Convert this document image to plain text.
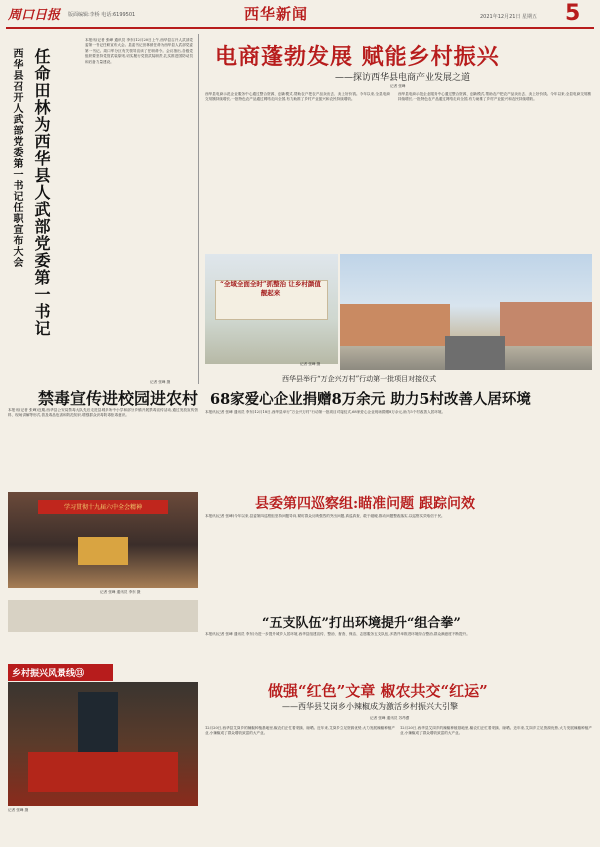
周口日报 版面编辑:李桥 电话:6199501	西华新闻	2021年12月21日 星期五 5
西华县召开人武部党委第一书记任职宣布大会 任命田林为西华县人武部党委第一书记
本报讯(记者 张峰 通讯员 李东)12月20日上午,西华县召开人武部党委第一书记任职宣布大会。县委书记田林被任命为西华县人武部党委第一书记。周口军分区有关领导宣读了任职命令。会议指出,各级党组织要坚持党管武装原则,切实履行党管武装职责,扎实推进国防动员和后备力量建设。
记者 张峰 摄
禁毒宣传进校园进农村
本报讯(记者 张峰)近期,西华县公安局禁毒大队先后走进县城多所中小学和部分乡镇开展禁毒宣传活动,通过发放宣传资料、现场讲解等形式,普及毒品危害和防范知识,增强群众识毒防毒拒毒意识。
学习贯彻十九届六中全会精神
记者 张峰 通讯员 李东 摄
电商蓬勃发展 赋能乡村振兴
——探访西华县电商产业发展之道
记者 张峰
西华县电商示范企业服务中心通过整合资源、创新模式,帮助农户把农产品卖出去、卖上好价钱。今年以来,全县电商交易额持续增长,一批特色农产品通过网络走向全国,有力助推了乡村产业振兴和农民持续增收。
西华县电商示范企业服务中心通过整合资源、创新模式,帮助农户把农产品卖出去、卖上好价钱。今年以来,全县电商交易额持续增长,一批特色农产品通过网络走向全国,有力助推了乡村产业振兴和农民持续增收。
“全域全面全时”抓整治 让乡村颜值靓起来
记者 张峰 摄
西华县举行“万企兴万村”行动第一批项目对接仪式
68家爱心企业捐赠8万余元 助力5村改善人居环境
本报讯(记者 张峰 通讯员 李东)12月18日,西华县举行“万企兴万村”行动第一批项目对接仪式,68家爱心企业现场捐赠8万余元,助力5个村改善人居环境。
县委第四巡察组:瞄准问题 跟踪问效
本报讯(记者 张峰)今年以来,县委第四巡察组坚持问题导向,紧盯群众反映强烈的突出问题,真巡真查、敢于碰硬,推动问题整改落实,以巡察实效取信于民。
“五支队伍”打出环境提升“组合拳”
本报讯(记者 张峰 通讯员 李东)为进一步提升城乡人居环境,西华县组建宣传、整治、督查、保洁、志愿服务五支队伍,多措并举推进环境综合整治,群众满意度不断提升。
乡村振兴风景线⑬
记者 张峰 摄
做强“红色”文章 椒农共交“红运”
——西华县艾岗乡小辣椒成为激活乡村振兴大引擎
记者 张峰 通讯员 苏昂翥
12月20日,西华县艾岗乡的辣椒种植基地里,椒农们正忙着采摘、晾晒。近年来,艾岗乡立足资源优势,大力发展辣椒种植产业,小辣椒成了群众增收致富的大产业。
12月20日,西华县艾岗乡的辣椒种植基地里,椒农们正忙着采摘、晾晒。近年来,艾岗乡立足资源优势,大力发展辣椒种植产业,小辣椒成了群众增收致富的大产业。
